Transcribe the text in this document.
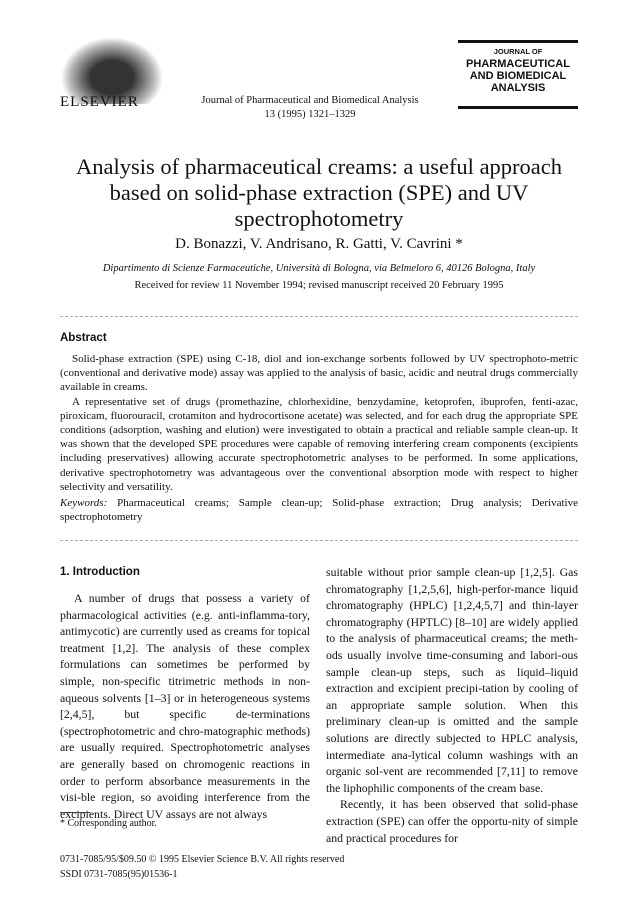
ELSEVIER	Journal of Pharmaceutical and Biomedical Analysis
13 (1995) 1321–1329
JOURNAL OF
PHARMACEUTICAL
AND BIOMEDICAL
ANALYSIS
Analysis of pharmaceutical creams: a useful approach
based on solid-phase extraction (SPE) and UV
spectrophotometry
D. Bonazzi, V. Andrisano, R. Gatti, V. Cavrini *
Dipartimento di Scienze Farmaceutiche, Università di Bologna, via Belmeloro 6, 40126 Bologna, Italy
Received for review 11 November 1994; revised manuscript received 20 February 1995
Abstract

Solid-phase extraction (SPE) using C-18, diol and ion-exchange sorbents followed by UV spectrophoto-metric (conventional and derivative mode) assay was applied to the analysis of basic, acidic and neutral drugs commercially available in creams.

A representative set of drugs (promethazine, chlorhexidine, benzydamine, ketoprofen, ibuprofen, fenti-azac, piroxicam, fluorouracil, crotamiton and hydrocortisone acetate) was selected, and for each drug the appropriate SPE conditions (adsorption, washing and elution) were investigated to obtain a practical and reliable sample clean-up. It was shown that the developed SPE procedures were capable of removing interfering cream components (excipients including preservatives) allowing accurate spectrophotometric analyses to be performed. In some applications, derivative spectrophotometry was advantageous over the conventional absorption mode with respect to higher selectivity and versatility.

Keywords: Pharmaceutical creams; Sample clean-up; Solid-phase extraction; Drug analysis; Derivative spectrophotometry
1. Introduction

A number of drugs that possess a variety of pharmacological activities (e.g. anti-inflamma-tory, antimycotic) are currently used as creams for topical treatment [1,2]. The analysis of these complex formulations can sometimes be performed by simple, non-specific titrimetric methods in non-aqueous solvents [1–3] or in heterogeneous systems [2,4,5], but specific de-terminations (spectrophotometric and chro-matographic methods) are usually required. Spectrophotometric analyses are generally based on chromogenic reactions in order to perform absorbance measurements in the visi-ble region, so avoiding interference from the excipients. Direct UV assays are not always

suitable without prior sample clean-up [1,2,5]. Gas chromatography [1,2,5,6], high-perfor-mance liquid chromatography (HPLC) [1,2,4,5,7] and thin-layer chromatography (HPTLC) [8–10] are widely applied to the analysis of pharmaceutical creams; the meth-ods usually involve time-consuming and labori-ous sample clean-up steps, such as liquid–liquid extraction and excipient precipi-tation by cooling of an appropriate sample solution. When this preliminary clean-up is omitted and the sample solutions are directly subjected to HPLC analysis, intermediate ana-lytical column washings with an organic sol-vent are recommended [7,11] to remove the liphophilic components of the cream base.

Recently, it has been observed that solid-phase extraction (SPE) can offer the opportu-nity of simple and practical procedures for

* Corresponding author.
0731-7085/95/$09.50 © 1995 Elsevier Science B.V. All rights reserved
SSDI 0731-7085(95)01536-1
